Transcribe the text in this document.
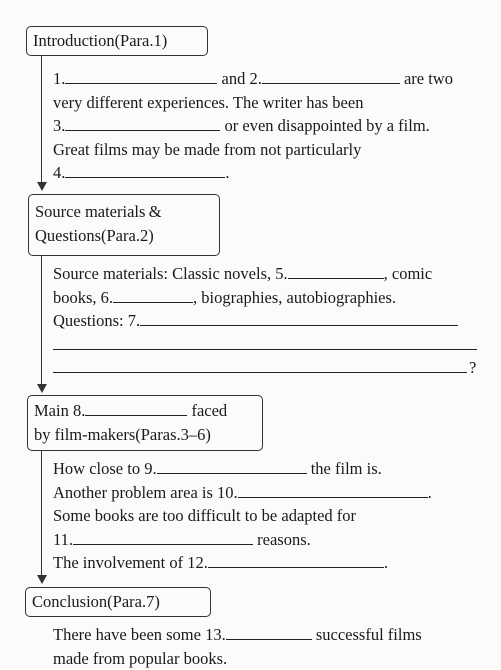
Introduction(Para.1)
1.	and 2.	are two
very different experiences. The writer has been
3.	or even disappointed by a film.
Great films may be made from not particularly
4.	.
Source materials &
Questions(Para.2)
Source materials: Classic novels, 5.	, comic
books, 6.	, biographies, autobiographies.
Questions: 7.
?
Main 8.	faced
by film-makers(Paras.3–6)
How close to 9.	the film is.
Another problem area is 10.	.
Some books are too difficult to be adapted for
11.	reasons.
The involvement of 12.	.
Conclusion(Para.7)
There have been some 13.	successful films
made from popular books.
